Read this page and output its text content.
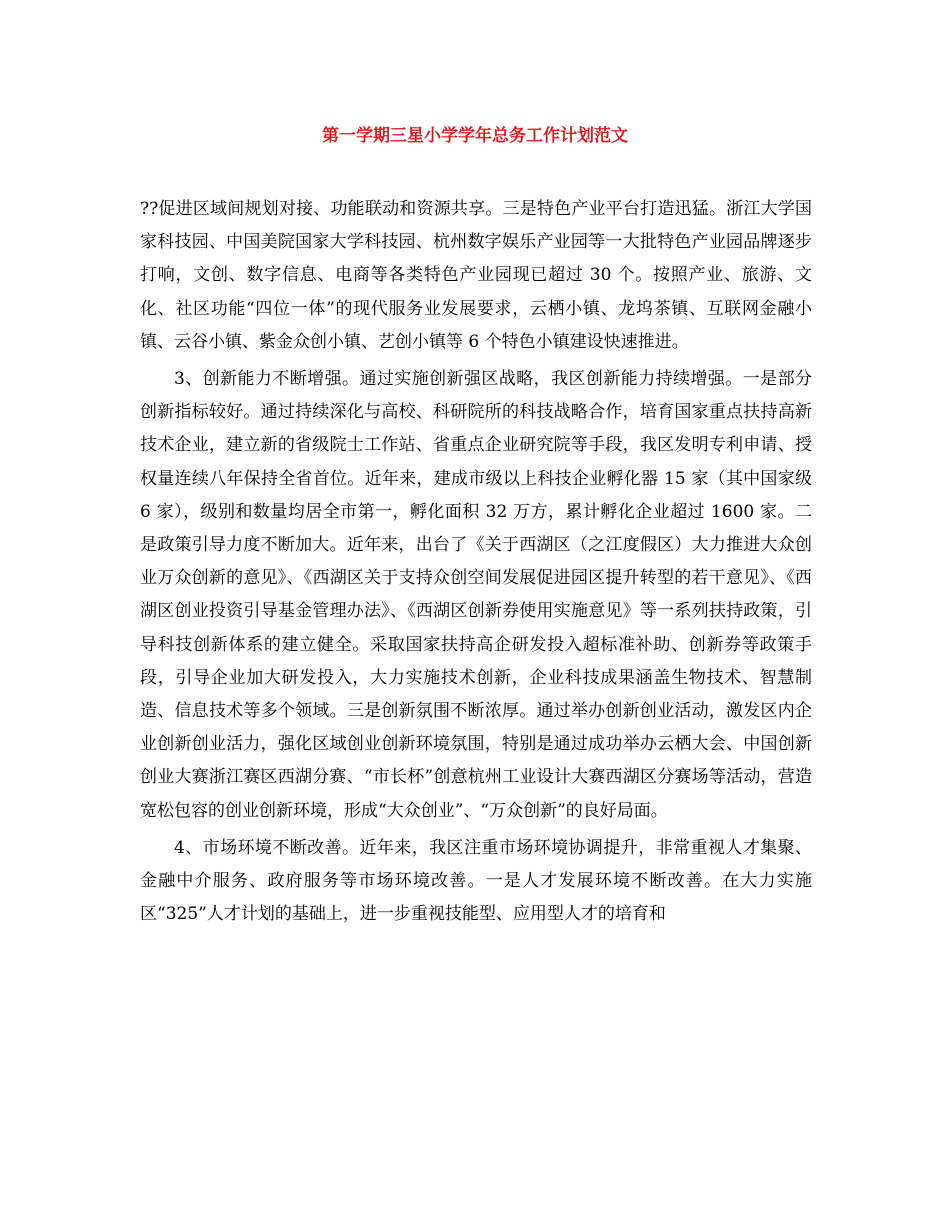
第一学期三星小学学年总务工作计划范文

??促进区域间规划对接、功能联动和资源共享。三是特色产业平台打造迅猛。浙江大学国家科技园、中国美院国家大学科技园、杭州数字娱乐产业园等一大批特色产业园品牌逐步打响，文创、数字信息、电商等各类特色产业园现已超过 30 个。按照产业、旅游、文化、社区功能“四位一体”的现代服务业发展要求，云栖小镇、龙坞茶镇、互联网金融小镇、云谷小镇、紫金众创小镇、艺创小镇等 6 个特色小镇建设快速推进。

3、创新能力不断增强。通过实施创新强区战略，我区创新能力持续增强。一是部分创新指标较好。通过持续深化与高校、科研院所的科技战略合作，培育国家重点扶持高新技术企业，建立新的省级院士工作站、省重点企业研究院等手段，我区发明专利申请、授权量连续八年保持全省首位。近年来，建成市级以上科技企业孵化器 15 家（其中国家级 6 家），级别和数量均居全市第一，孵化面积 32 万方，累计孵化企业超过 1600 家。二是政策引导力度不断加大。近年来，出台了《关于西湖区（之江度假区）大力推进大众创业万众创新的意见》、《西湖区关于支持众创空间发展促进园区提升转型的若干意见》、《西湖区创业投资引导基金管理办法》、《西湖区创新券使用实施意见》等一系列扶持政策，引导科技创新体系的建立健全。采取国家扶持高企研发投入超标准补助、创新券等政策手段，引导企业加大研发投入，大力实施技术创新，企业科技成果涵盖生物技术、智慧制造、信息技术等多个领域。三是创新氛围不断浓厚。通过举办创新创业活动，激发区内企业创新创业活力，强化区域创业创新环境氛围，特别是通过成功举办云栖大会、中国创新创业大赛浙江赛区西湖分赛、“市长杯”创意杭州工业设计大赛西湖区分赛场等活动，营造宽松包容的创业创新环境，形成“大众创业”、“万众创新”的良好局面。

4、市场环境不断改善。近年来，我区注重市场环境协调提升，非常重视人才集聚、金融中介服务、政府服务等市场环境改善。一是人才发展环境不断改善。在大力实施区“325”人才计划的基础上，进一步重视技能型、应用型人才的培育和
